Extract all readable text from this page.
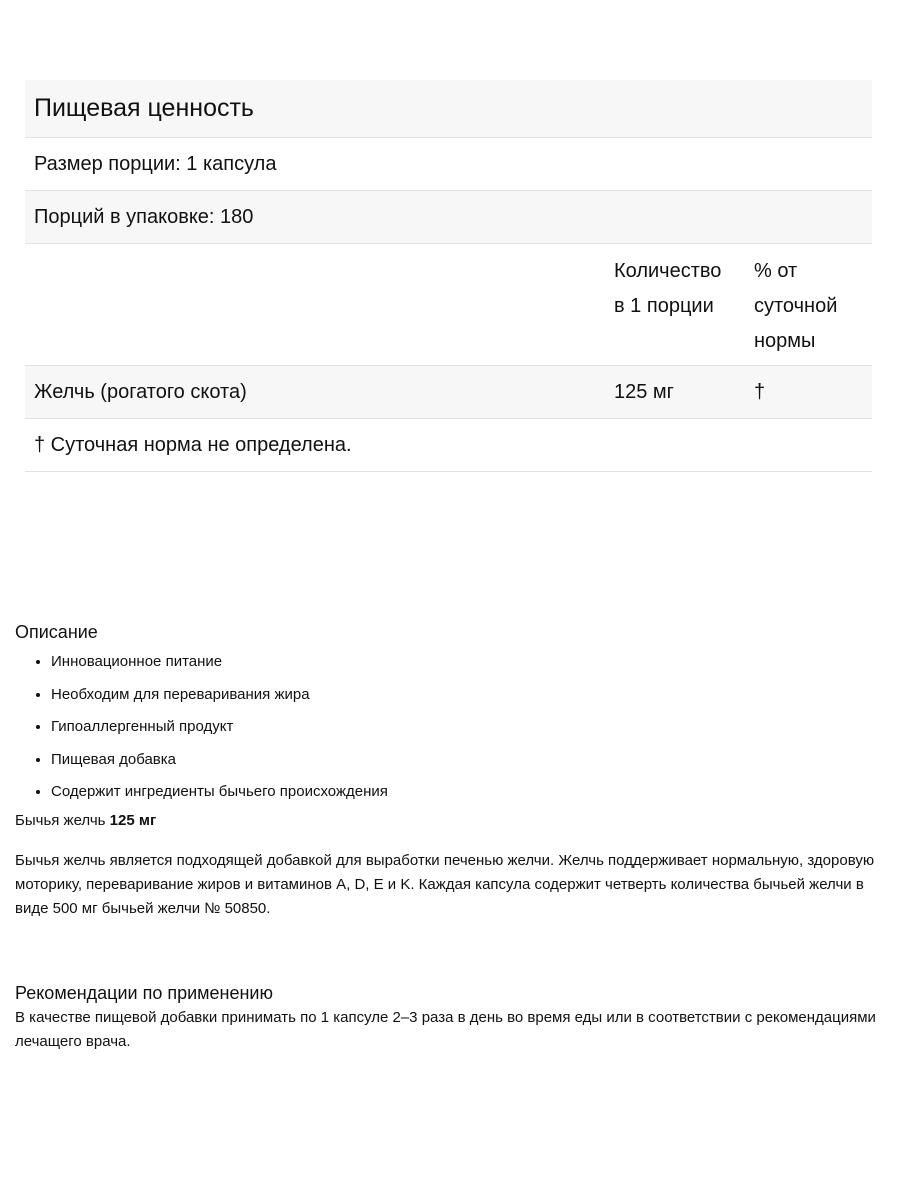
Пищевая ценность
Размер порции: 1 капсула
Порций в упаковке: 180
Количество
в 1 порции
% от
суточной
нормы
Желчь (рогатого скота)	125 мг	†
† Суточная норма не определена.
Описание
• Инновационное питание
• Необходим для переваривания жира
• Гипоаллергенный продукт
• Пищевая добавка
• Содержит ингредиенты бычьего происхождения
Бычья желчь 125 мг

Бычья желчь является подходящей добавкой для выработки печенью желчи. Желчь поддерживает нормальную, здоровую моторику, переваривание жиров и витаминов A, D, E и K. Каждая капсула содержит четверть количества бычьей желчи в виде 500 мг бычьей желчи № 50850.

Рекомендации по применению

В качестве пищевой добавки принимать по 1 капсуле 2–3 раза в день во время еды или в соответствии с рекомендациями лечащего врача.
